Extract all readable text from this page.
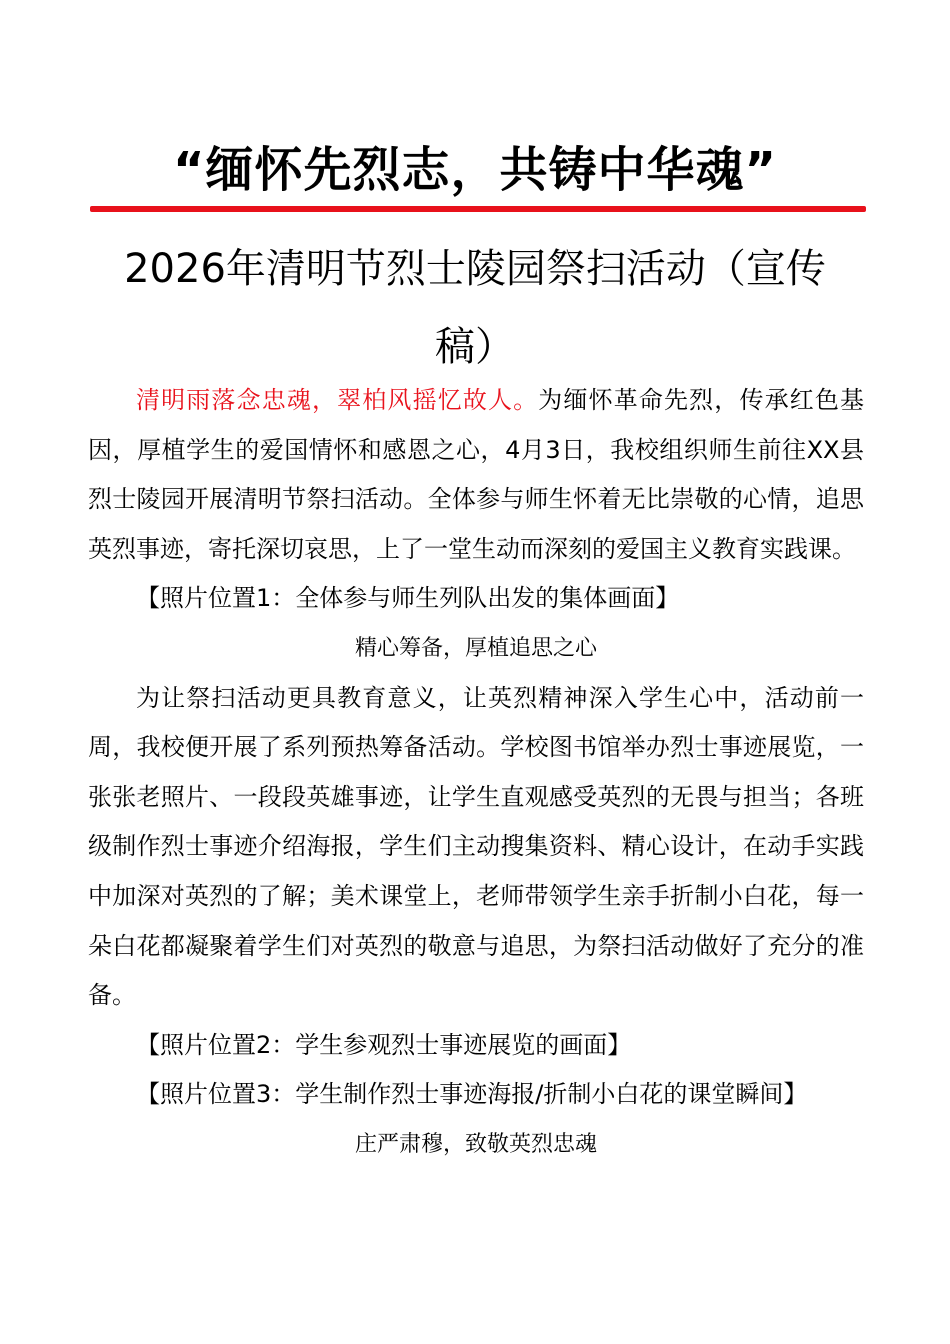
“缅怀先烈志，共铸中华魂”
2026年清明节烈士陵园祭扫活动（宣传稿）

清明雨落念忠魂，翠柏风摇忆故人。为缅怀革命先烈，传承红色基因，厚植学生的爱国情怀和感恩之心，4月3日，我校组织师生前往XX县烈士陵园开展清明节祭扫活动。全体参与师生怀着无比崇敬的心情，追思英烈事迹，寄托深切哀思，上了一堂生动而深刻的爱国主义教育实践课。

【照片位置1：全体参与师生列队出发的集体画面】

精心筹备，厚植追思之心

为让祭扫活动更具教育意义，让英烈精神深入学生心中，活动前一周，我校便开展了系列预热筹备活动。学校图书馆举办烈士事迹展览，一张张老照片、一段段英雄事迹，让学生直观感受英烈的无畏与担当；各班级制作烈士事迹介绍海报，学生们主动搜集资料、精心设计，在动手实践中加深对英烈的了解；美术课堂上，老师带领学生亲手折制小白花，每一朵白花都凝聚着学生们对英烈的敬意与追思，为祭扫活动做好了充分的准备。

【照片位置2：学生参观烈士事迹展览的画面】

【照片位置3：学生制作烈士事迹海报/折制小白花的课堂瞬间】

庄严肃穆，致敬英烈忠魂
